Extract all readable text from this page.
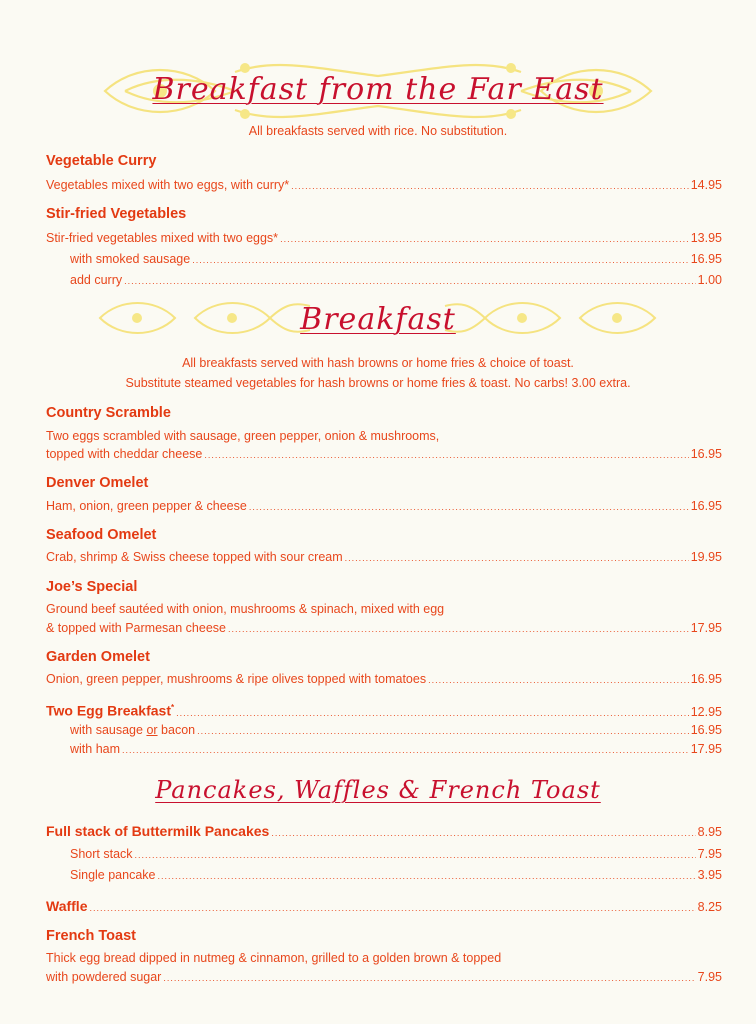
Breakfast from the Far East
All breakfasts served with rice. No substitution.
Vegetable Curry
Vegetables mixed with two eggs, with curry* .....	14.95
Stir-fried Vegetables
Stir-fried vegetables mixed with two eggs* .....	13.95
with smoked sausage .....	16.95
add curry .....	1.00
Breakfast
All breakfasts served with hash browns or home fries & choice of toast.
Substitute steamed vegetables for hash browns or home fries & toast. No carbs! 3.00 extra.
Country Scramble
Two eggs scrambled with sausage, green pepper, onion & mushrooms,
topped with cheddar cheese .....	16.95
Denver Omelet
Ham, onion, green pepper & cheese .....	16.95
Seafood Omelet
Crab, shrimp & Swiss cheese topped with sour cream .....	19.95
Joe’s Special
Ground beef sautéed with onion, mushrooms & spinach, mixed with egg
& topped with Parmesan cheese .....	17.95
Garden Omelet
Onion, green pepper, mushrooms & ripe olives topped with tomatoes .....	16.95
Two Egg Breakfast* .....	12.95
with sausage or bacon .....	16.95
with ham .....	17.95
Pancakes, Waffles & French Toast
Full stack of Buttermilk Pancakes .....	8.95
Short stack .....	7.95
Single pancake .....	3.95
Waffle .....	8.25
French Toast
Thick egg bread dipped in nutmeg & cinnamon, grilled to a golden brown & topped
with powdered sugar .....	7.95
